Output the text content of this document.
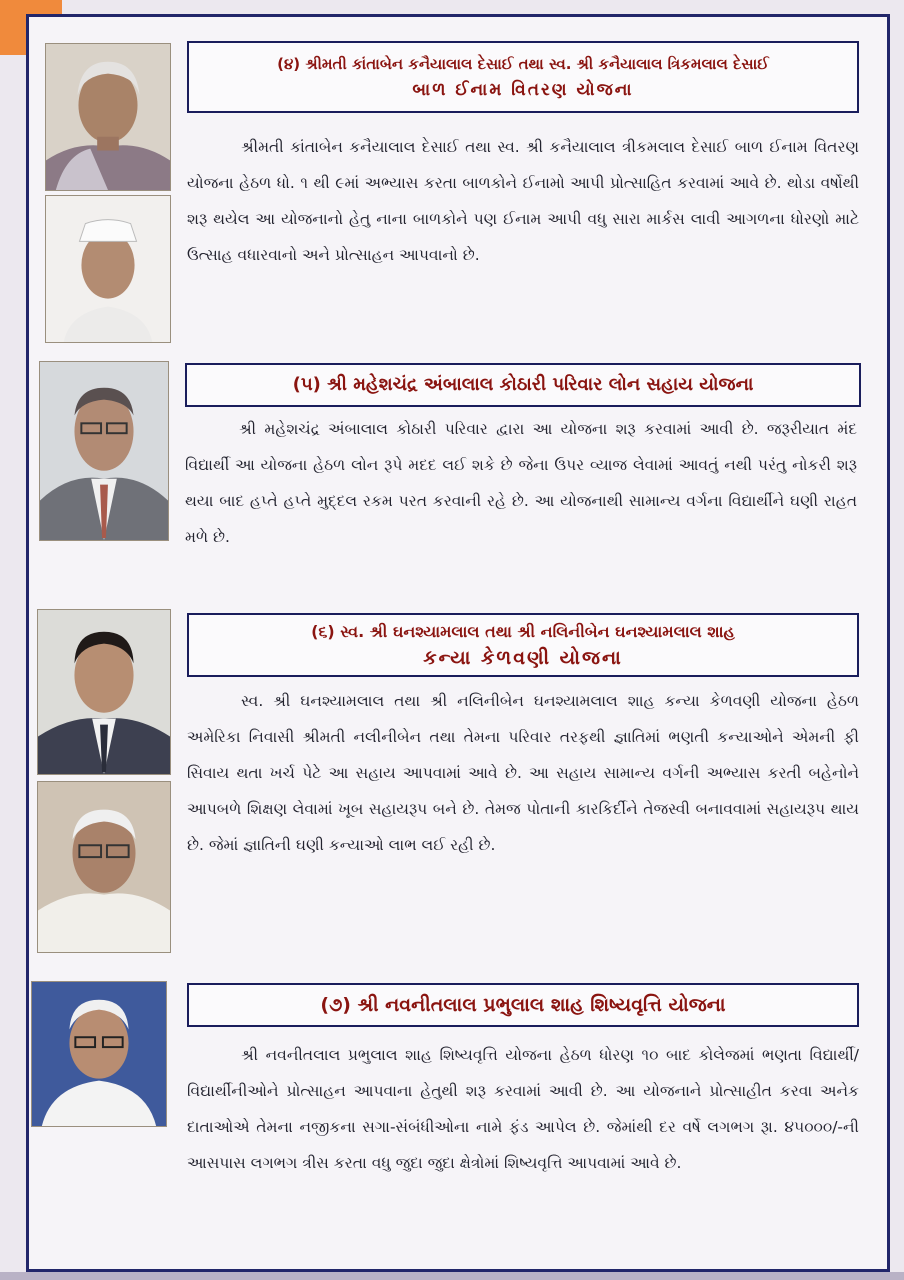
(૪) શ્રીમતી કાંતાબેન કનૈયાલાલ દેસાઈ તથા સ્વ. શ્રી કનૈયાલાલ ત્રિકમલાલ દેસાઈ
બાળ ઈનામ વિતરણ યોજના
શ્રીમતી કાંતાબેન કનૈયાલાલ દેસાઈ તથા સ્વ. શ્રી કનૈયાલાલ ત્રીકમલાલ દેસાઈ બાળ ઈનામ વિતરણ યોજના હેઠળ ધો. ૧ થી ૯માં અભ્યાસ કરતા બાળકોને ઈનામો આપી પ્રોત્સાહિત કરવામાં આવે છે. થોડા વર્ષોથી શરૂ થયેલ આ યોજનાનો હેતુ નાના બાળકોને પણ ઈનામ આપી વધુ સારા માર્કસ લાવી આગળના ધોરણો માટે ઉત્સાહ વધારવાનો અને પ્રોત્સાહન આપવાનો છે.
(૫) શ્રી મહેશચંદ્ર અંબાલાલ કોઠારી પરિવાર લોન સહાય યોજના
શ્રી મહેશચંદ્ર અંબાલાલ કોઠારી પરિવાર દ્વારા આ યોજના શરૂ કરવામાં આવી છે. જરૂરીયાત મંદ વિદ્યાર્થી આ યોજના હેઠળ લોન રૂપે મદદ લઈ શકે છે જેના ઉપર વ્યાજ લેવામાં આવતું નથી પરંતુ નોકરી શરૂ થયા બાદ હપ્તે હપ્તે મુદ્દલ રકમ પરત કરવાની રહે છે. આ યોજનાથી સામાન્ય વર્ગના વિદ્યાર્થીને ઘણી રાહત મળે છે.
(૬) સ્વ. શ્રી ઘનશ્યામલાલ તથા શ્રી નલિનીબેન ઘનશ્યામલાલ શાહ
કન્યા કેળવણી યોજના
સ્વ. શ્રી ઘનશ્યામલાલ તથા શ્રી નલિનીબેન ઘનશ્યામલાલ શાહ કન્યા કેળવણી યોજના હેઠળ અમેરિકા નિવાસી શ્રીમતી નલીનીબેન તથા તેમના પરિવાર તરફથી જ્ઞાતિમાં ભણતી કન્યાઓને એમની ફી સિવાય થતા ખર્ચ પેટે આ સહાય આપવામાં આવે છે. આ સહાય સામાન્ય વર્ગની અભ્યાસ કરતી બહેનોને આપબળે શિક્ષણ લેવામાં ખૂબ સહાયરૂપ બને છે. તેમજ પોતાની કારકિર્દીને તેજસ્વી બનાવવામાં સહાયરૂપ થાય છે. જેમાં જ્ઞાતિની ઘણી કન્યાઓ લાભ લઈ રહી છે.
(૭) શ્રી નવનીતલાલ પ્રભુલાલ શાહ શિષ્યવૃત્તિ યોજના
શ્રી નવનીતલાલ પ્રભુલાલ શાહ શિષ્યવૃત્તિ યોજના હેઠળ ધોરણ ૧૦ બાદ કોલેજમાં ભણતા વિદ્યાર્થી/વિદ્યાર્થીનીઓને પ્રોત્સાહન આપવાના હેતુથી શરૂ કરવામાં આવી છે. આ યોજનાને પ્રોત્સાહીત કરવા અનેક દાતાઓએ તેમના નજીકના સગા-સંબંધીઓના નામે ફંડ આપેલ છે. જેમાંથી દર વર્ષે લગભગ રૂા. ૪૫૦૦૦/-ની આસપાસ લગભગ ત્રીસ કરતા વધુ જુદા જુદા ક્ષેત્રોમાં શિષ્યવૃત્તિ આપવામાં આવે છે.
